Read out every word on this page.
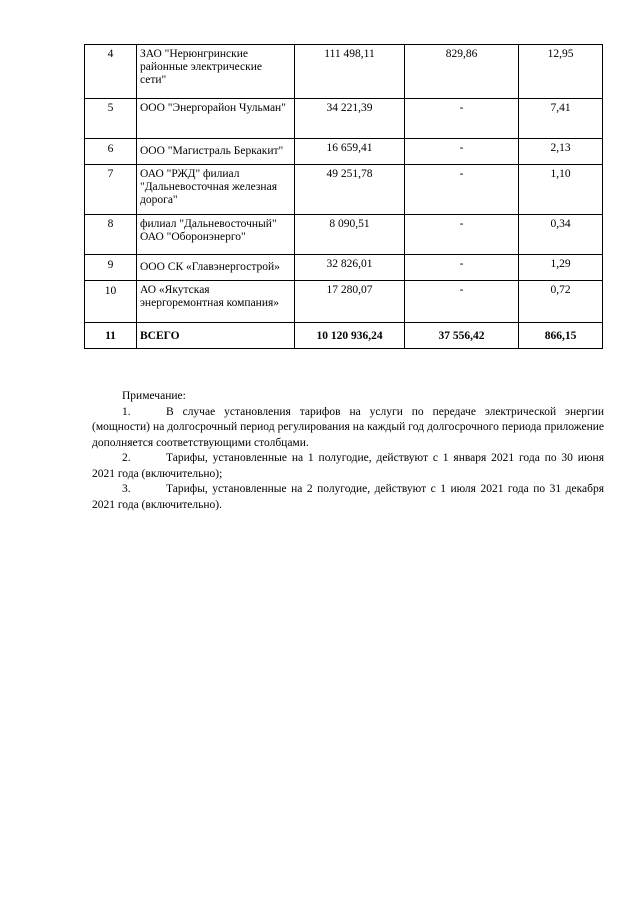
4	ЗАО "Нерюнгринские районные электрические сети"	111 498,11	829,86	12,95
5	ООО "Энергорайон Чульман"	34 221,39	-	7,41
6	ООО "Магистраль Беркакит"	16 659,41	-	2,13
7	ОАО "РЖД" филиал "Дальневосточная железная дорога"	49 251,78	-	1,10
8	филиал "Дальневосточный" ОАО "Оборонэнерго"	8 090,51	-	0,34
9	ООО СК «Главэнергострой»	32 826,01	-	1,29
10	АО «Якутская энергоремонтная компания»	17 280,07	-	0,72
11	ВСЕГО	10 120 936,24	37 556,42	866,15
Примечание:
1.	В случае установления тарифов на услуги по передаче электрической энергии (мощности) на долгосрочный период регулирования на каждый год долгосрочного периода приложение дополняется соответствующими столбцами.
2.	Тарифы, установленные на 1 полугодие, действуют с 1 января 2021 года по 30 июня 2021 года (включительно);
3.	Тарифы, установленные на 2 полугодие, действуют с 1 июля 2021 года по 31 декабря 2021 года (включительно).
